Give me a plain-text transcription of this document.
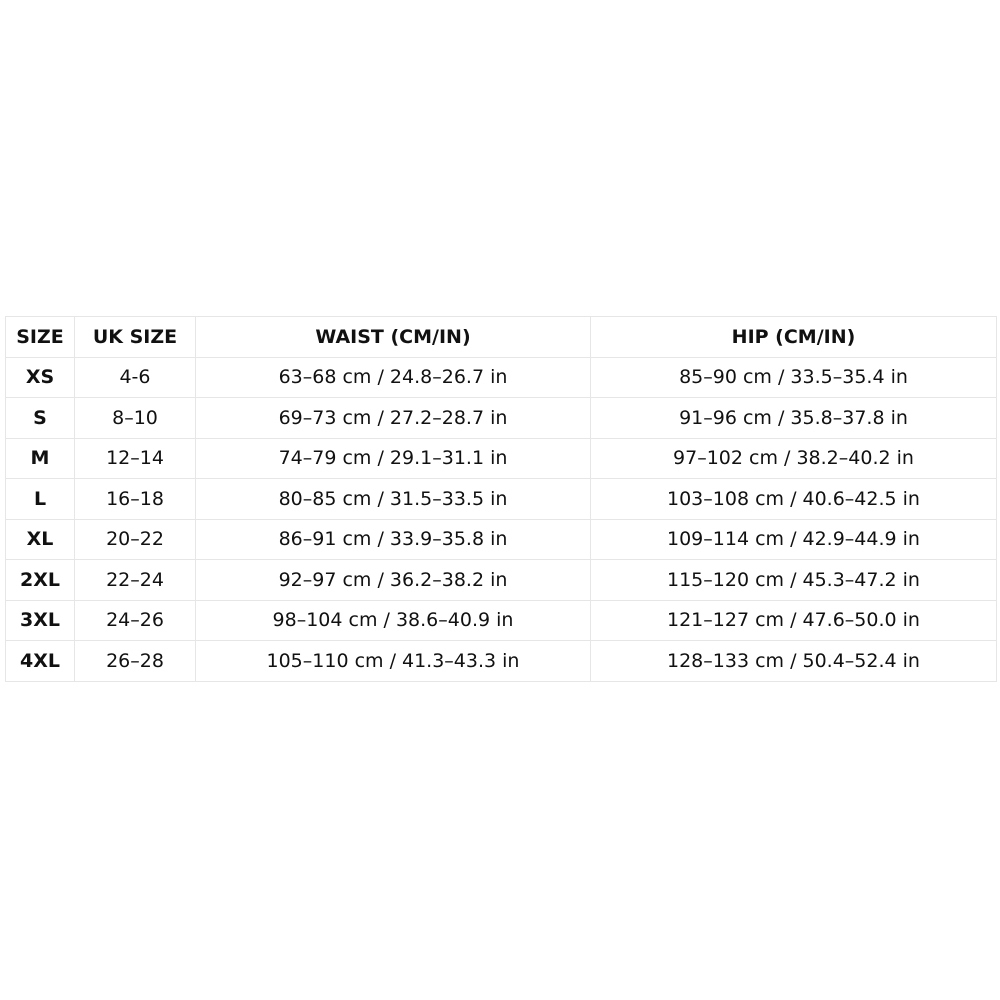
SIZE	UK SIZE	WAIST (CM/IN)	HIP (CM/IN)
XS	4-6	63–68 cm / 24.8–26.7 in	85–90 cm / 33.5–35.4 in
S	8–10	69–73 cm / 27.2–28.7 in	91–96 cm / 35.8–37.8 in
M	12–14	74–79 cm / 29.1–31.1 in	97–102 cm / 38.2–40.2 in
L	16–18	80–85 cm / 31.5–33.5 in	103–108 cm / 40.6–42.5 in
XL	20–22	86–91 cm / 33.9–35.8 in	109–114 cm / 42.9–44.9 in
2XL	22–24	92–97 cm / 36.2–38.2 in	115–120 cm / 45.3–47.2 in
3XL	24–26	98–104 cm / 38.6–40.9 in	121–127 cm / 47.6–50.0 in
4XL	26–28	105–110 cm / 41.3–43.3 in	128–133 cm / 50.4–52.4 in
